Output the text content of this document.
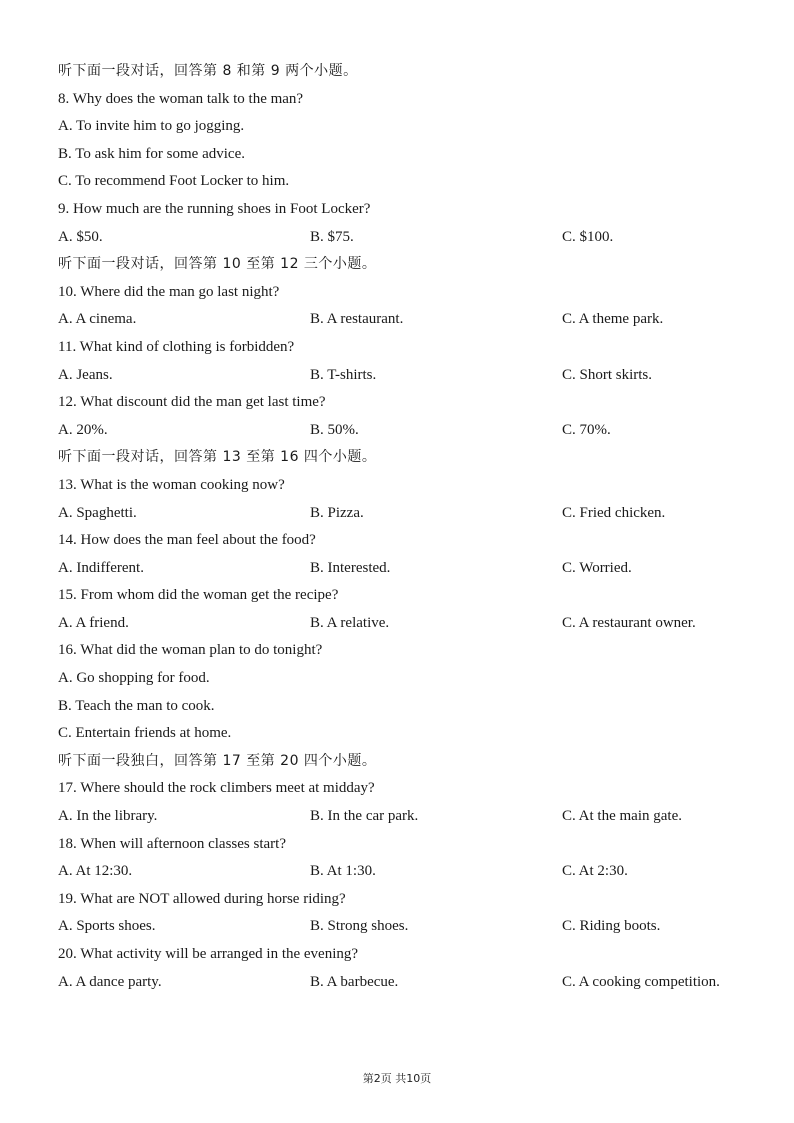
听下面一段对话，回答第 8 和第 9 两个小题。
8. Why does the woman talk to the man?
A. To invite him to go jogging.
B. To ask him for some advice.
C. To recommend Foot Locker to him.
9. How much are the running shoes in Foot Locker?
A. $50.	B. $75.	C. $100.
听下面一段对话，回答第 10 至第 12 三个小题。
10. Where did the man go last night?
A. A cinema.	B. A restaurant.	C. A theme park.
11. What kind of clothing is forbidden?
A. Jeans.	B. T-shirts.	C. Short skirts.
12. What discount did the man get last time?
A. 20%.	B. 50%.	C. 70%.
听下面一段对话，回答第 13 至第 16 四个小题。
13. What is the woman cooking now?
A. Spaghetti.	B. Pizza.	C. Fried chicken.
14. How does the man feel about the food?
A. Indifferent.	B. Interested.	C. Worried.
15. From whom did the woman get the recipe?
A. A friend.	B. A relative.	C. A restaurant owner.
16. What did the woman plan to do tonight?
A. Go shopping for food.
B. Teach the man to cook.
C. Entertain friends at home.
听下面一段独白，回答第 17 至第 20 四个小题。
17. Where should the rock climbers meet at midday?
A. In the library.	B. In the car park.	C. At the main gate.
18. When will afternoon classes start?
A. At 12:30.	B. At 1:30.	C. At 2:30.
19. What are NOT allowed during horse riding?
A. Sports shoes.	B. Strong shoes.	C. Riding boots.
20. What activity will be arranged in the evening?
A. A dance party.	B. A barbecue.	C. A cooking competition.
第2页 共10页
